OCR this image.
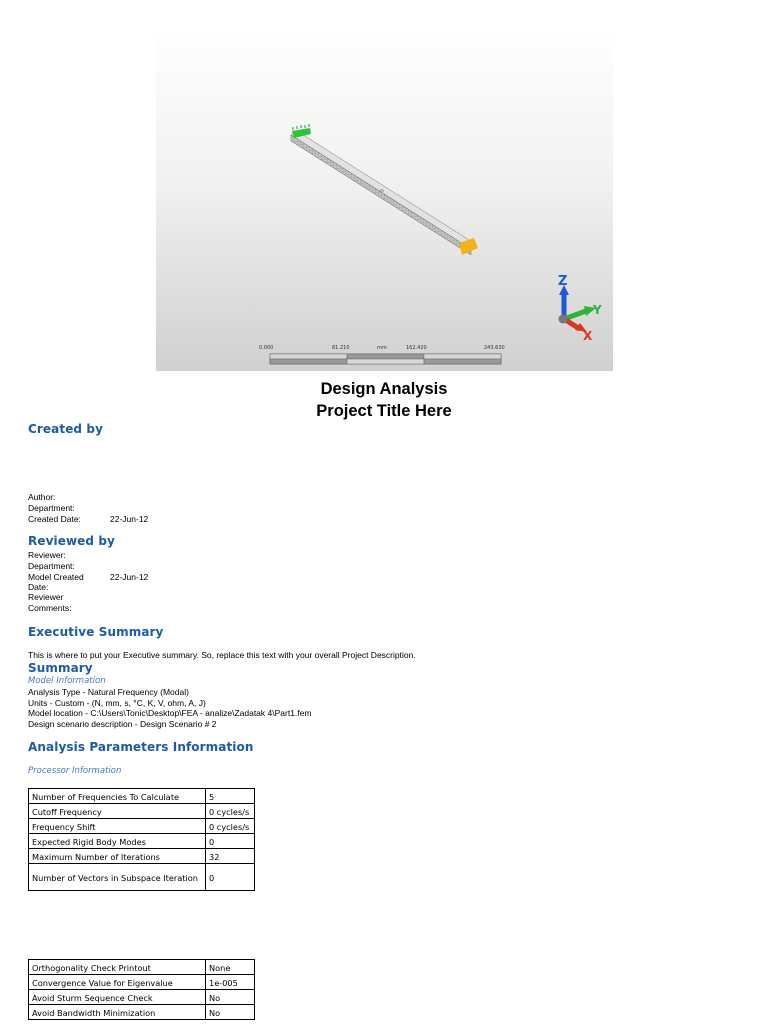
m
Z
Y
X
0.000	81.210	mm	162.420	243.630
Design Analysis
Project Title Here
Created by
Author:
Department:
Created Date:	22-Jun-12
Reviewed by
Reviewer:
Department:
Model Created	22-Jun-12
Date:
Reviewer
Comments:
Executive Summary
This is where to put your Executive summary. So, replace this text with your overall Project Description.
Summary
Model Information
Analysis Type - Natural Frequency (Modal)
Units - Custom - (N, mm, s, °C, K, V, ohm, A, J)
Model location - C:\Users\Tonic\Desktop\FEA - analize\Zadatak 4\Part1.fem
Design scenario description - Design Scenario # 2
Analysis Parameters Information
Processor Information
Number of Frequencies To Calculate	5
Cutoff Frequency	0 cycles/s
Frequency Shift	0 cycles/s
Expected Rigid Body Modes	0
Maximum Number of Iterations	32
Number of Vectors in Subspace Iteration	0
Orthogonality Check Printout	None
Convergence Value for Eigenvalue	1e-005
Avoid Sturm Sequence Check	No
Avoid Bandwidth Minimization	No
